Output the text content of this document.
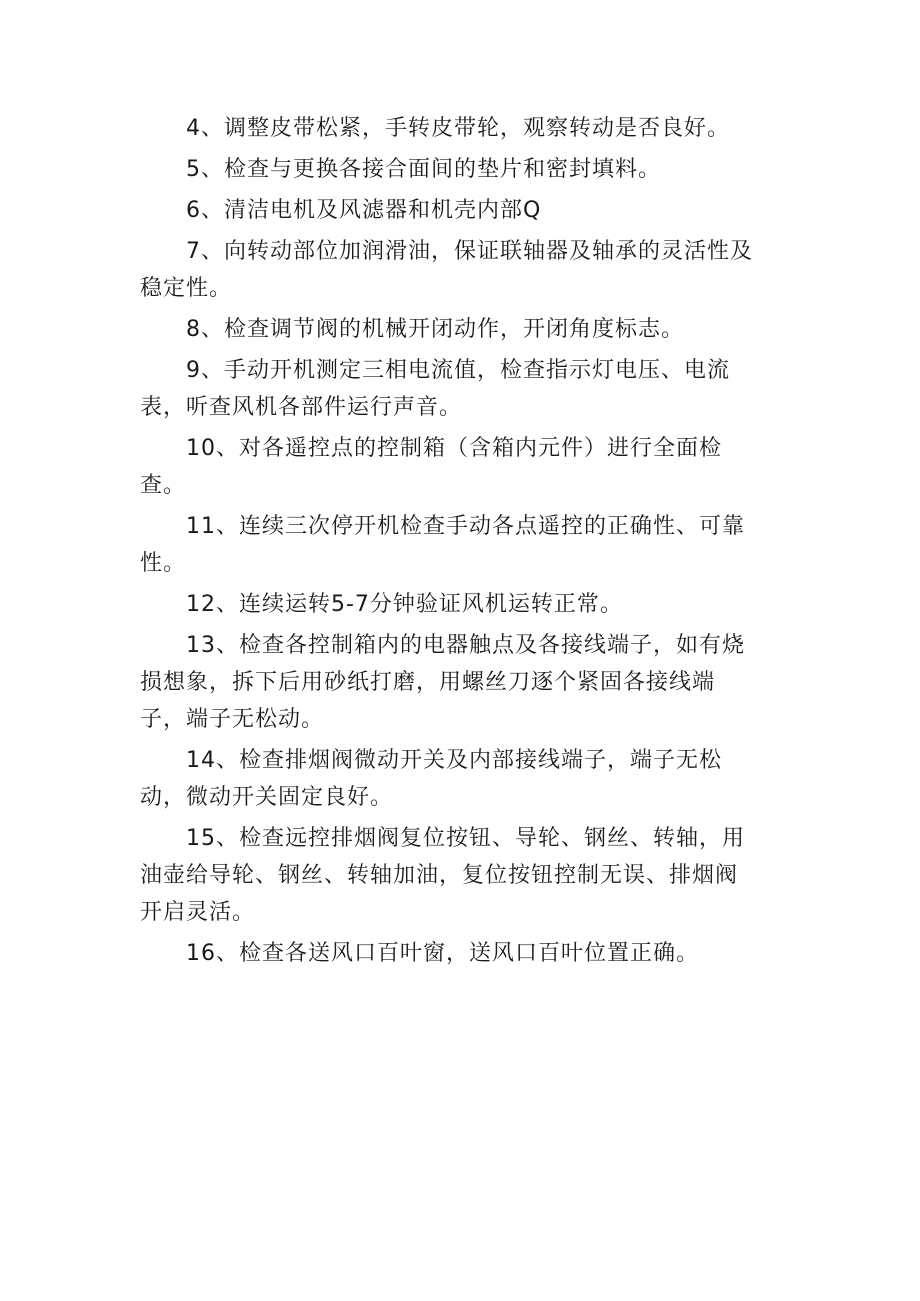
4、调整皮带松紧，手转皮带轮，观察转动是否良好。

5、检查与更换各接合面间的垫片和密封填料。

6、清洁电机及风滤器和机壳内部Q

7、向转动部位加润滑油，保证联轴器及轴承的灵活性及
稳定性。

8、检查调节阀的机械开闭动作，开闭角度标志。

9、手动开机测定三相电流值，检查指示灯电压、电流
表，听查风机各部件运行声音。

10、对各遥控点的控制箱（含箱内元件）进行全面检
查。

11、连续三次停开机检查手动各点遥控的正确性、可靠
性。

12、连续运转5-7分钟验证风机运转正常。

13、检查各控制箱内的电器触点及各接线端子，如有烧
损想象，拆下后用砂纸打磨，用螺丝刀逐个紧固各接线端
子，端子无松动。

14、检查排烟阀微动开关及内部接线端子，端子无松
动，微动开关固定良好。

15、检查远控排烟阀复位按钮、导轮、钢丝、转轴，用
油壶给导轮、钢丝、转轴加油，复位按钮控制无误、排烟阀
开启灵活。

16、检查各送风口百叶窗，送风口百叶位置正确。
